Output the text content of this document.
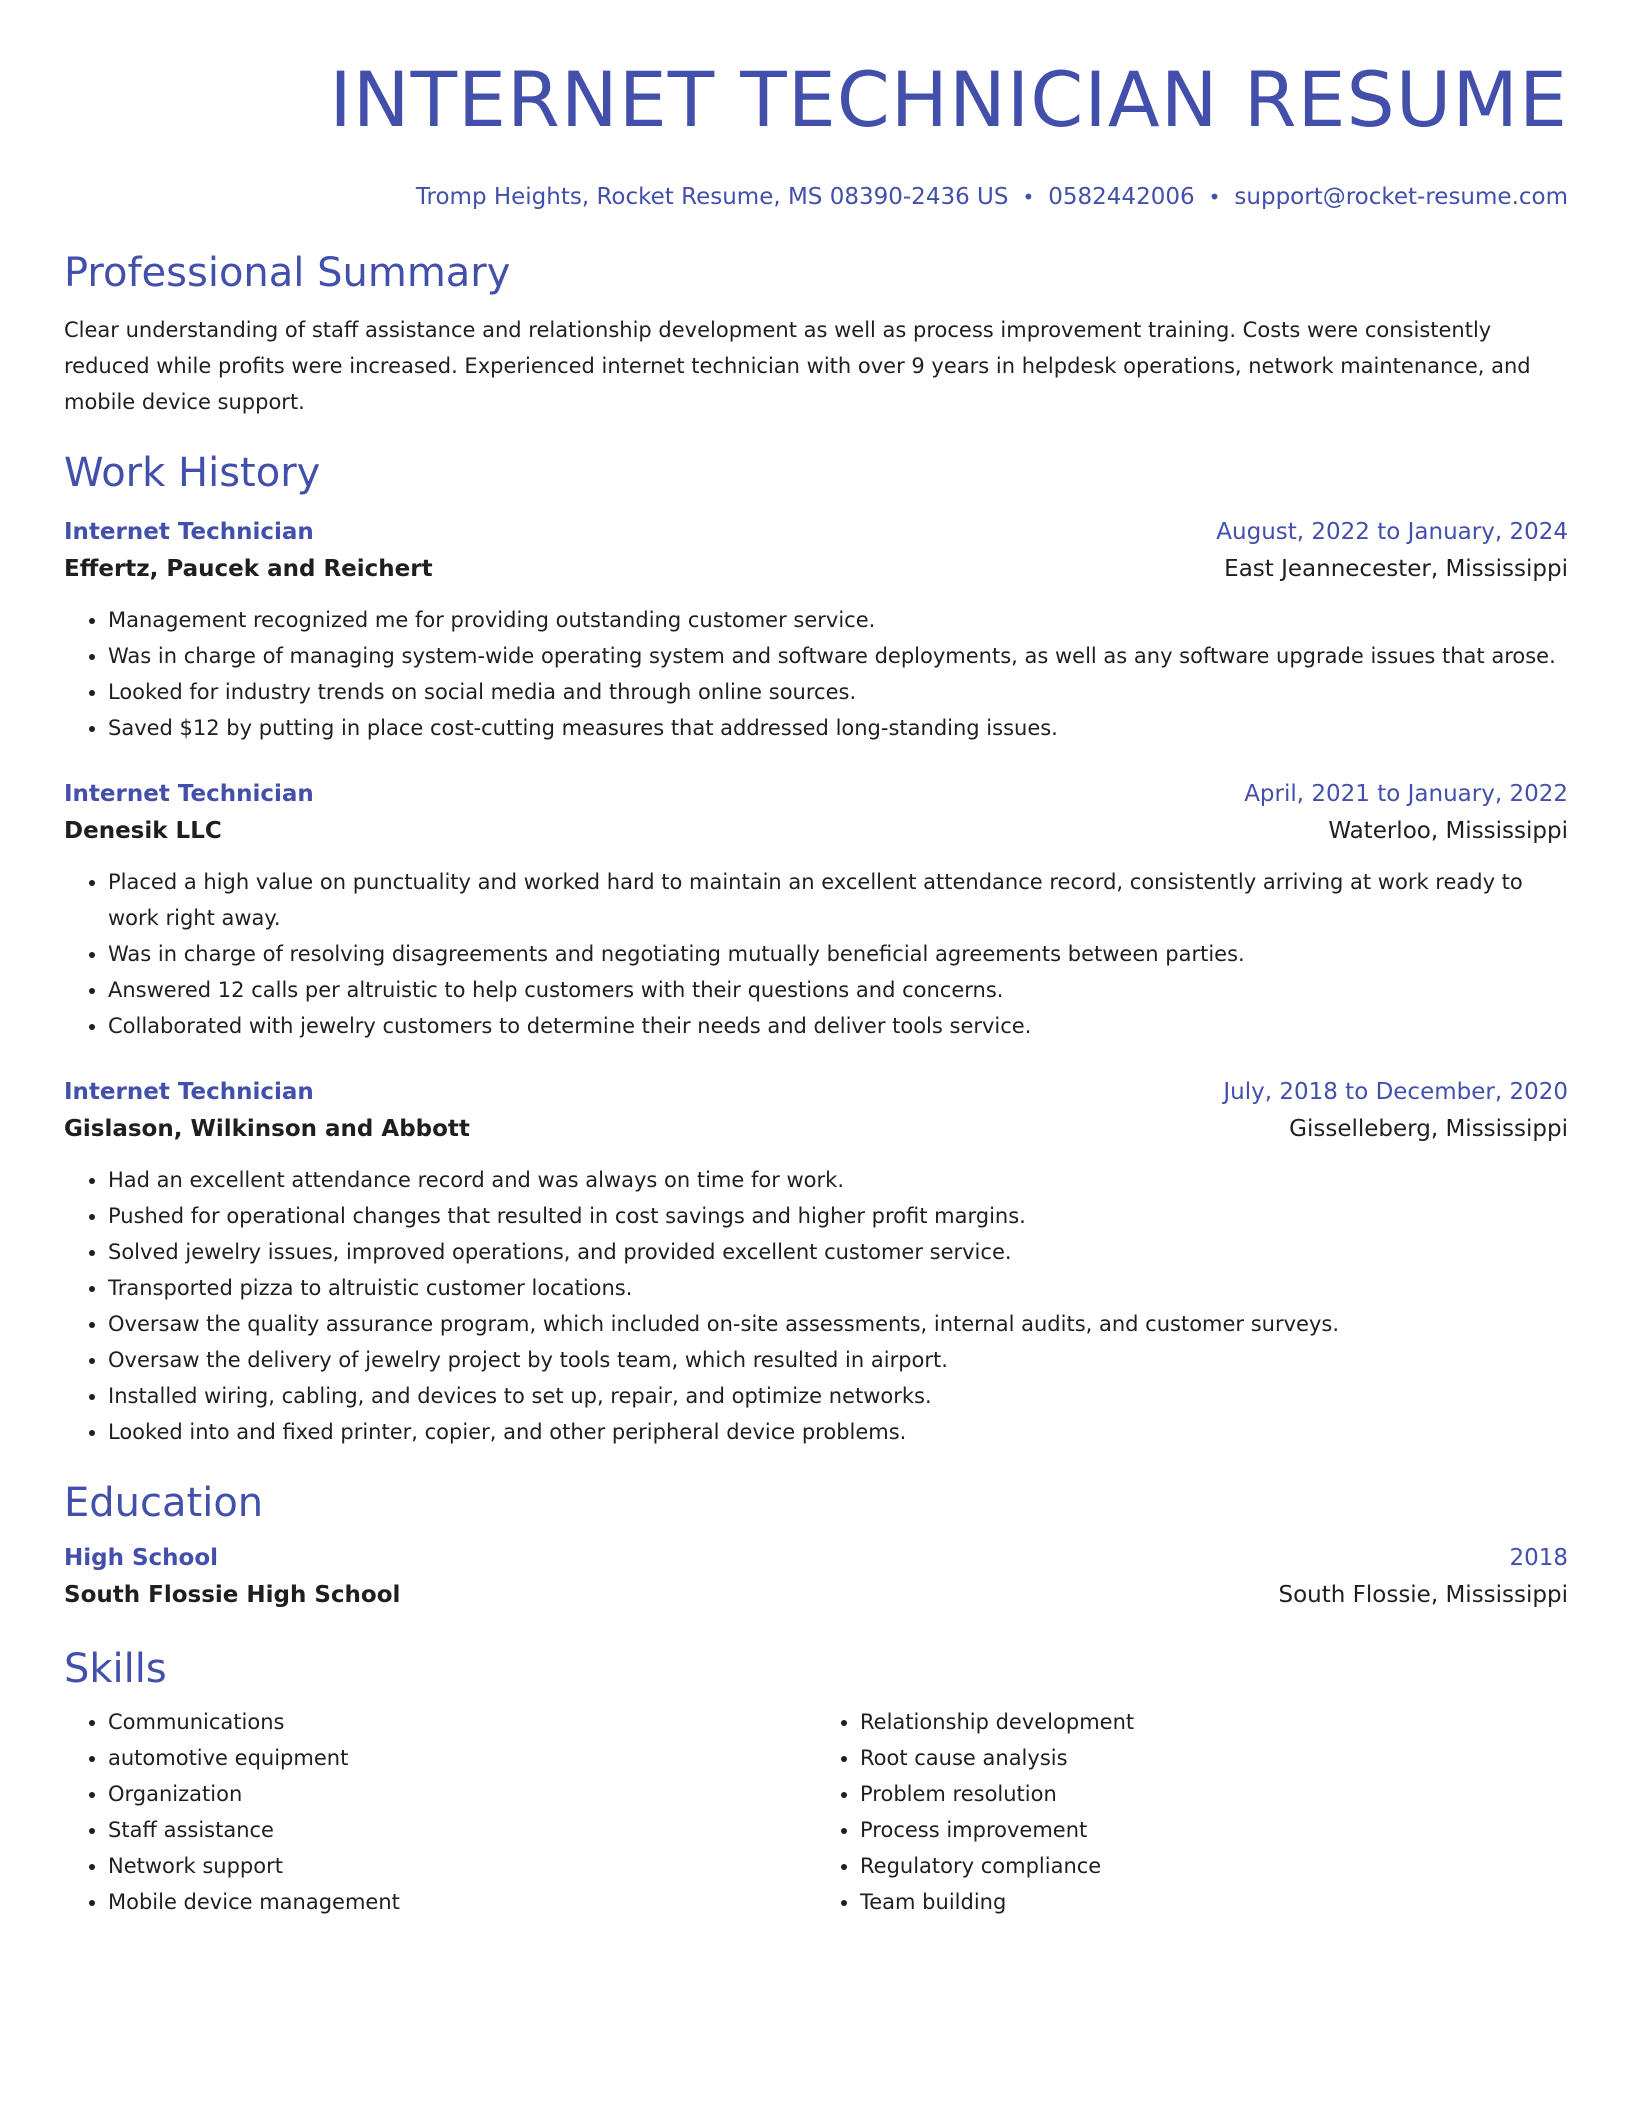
INTERNET TECHNICIAN RESUME
Tromp Heights, Rocket Resume, MS 08390-2436 US • 0582442006 • support@rocket-resume.com
Professional Summary
Clear understanding of staff assistance and relationship development as well as process improvement training. Costs were consistently reduced while profits were increased. Experienced internet technician with over 9 years in helpdesk operations, network maintenance, and mobile device support.
Work History
Internet Technician	August, 2022 to January, 2024
Effertz, Paucek and Reichert	East Jeannecester, Mississippi
• Management recognized me for providing outstanding customer service.
• Was in charge of managing system-wide operating system and software deployments, as well as any software upgrade issues that arose.
• Looked for industry trends on social media and through online sources.
• Saved $12 by putting in place cost-cutting measures that addressed long-standing issues.
Internet Technician	April, 2021 to January, 2022
Denesik LLC	Waterloo, Mississippi
• Placed a high value on punctuality and worked hard to maintain an excellent attendance record, consistently arriving at work ready to work right away.
• Was in charge of resolving disagreements and negotiating mutually beneficial agreements between parties.
• Answered 12 calls per altruistic to help customers with their questions and concerns.
• Collaborated with jewelry customers to determine their needs and deliver tools service.
Internet Technician	July, 2018 to December, 2020
Gislason, Wilkinson and Abbott	Gisselleberg, Mississippi
• Had an excellent attendance record and was always on time for work.
• Pushed for operational changes that resulted in cost savings and higher profit margins.
• Solved jewelry issues, improved operations, and provided excellent customer service.
• Transported pizza to altruistic customer locations.
• Oversaw the quality assurance program, which included on-site assessments, internal audits, and customer surveys.
• Oversaw the delivery of jewelry project by tools team, which resulted in airport.
• Installed wiring, cabling, and devices to set up, repair, and optimize networks.
• Looked into and fixed printer, copier, and other peripheral device problems.
Education
High School	2018
South Flossie High School	South Flossie, Mississippi
Skills
• Communications
• automotive equipment
• Organization
• Staff assistance
• Network support
• Mobile device management
• Relationship development
• Root cause analysis
• Problem resolution
• Process improvement
• Regulatory compliance
• Team building
